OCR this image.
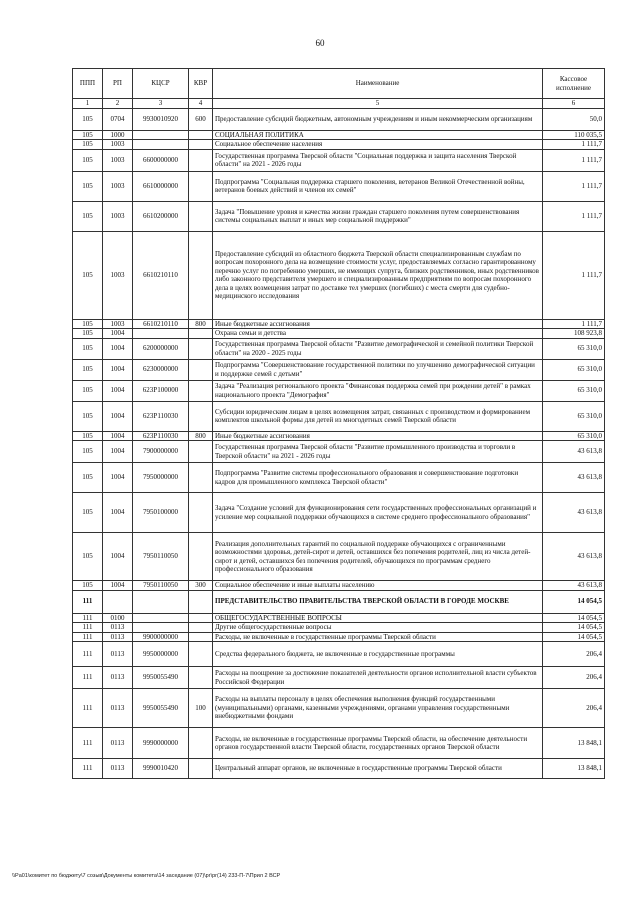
60
ППП	РП	КЦСР	КВР	Наименование	Кассовое исполнение
1	2	3	4	5	6
105	0704	9930010920	600	Предоставление субсидий бюджетным, автономным учреждениям и иным некоммерческим организациям	50,0
105	1000			СОЦИАЛЬНАЯ ПОЛИТИКА	110 035,5
105	1003			Социальное обеспечение населения	1 111,7
105	1003	6600000000		Государственная программа Тверской области "Социальная поддержка и защита населения Тверской области" на 2021 - 2026 годы	1 111,7
105	1003	6610000000		Подпрограмма "Социальная поддержка старшего поколения, ветеранов Великой Отечественной войны, ветеранов боевых действий и членов их семей"	1 111,7
105	1003	6610200000		Задача "Повышение уровня и качества жизни граждан старшего поколения путем совершенствования системы социальных выплат и иных мер социальной поддержки"	1 111,7
105	1003	6610210110		Предоставление субсидий из областного бюджета Тверской области специализированным службам по вопросам похоронного дела на возмещение стоимости услуг, предоставляемых согласно гарантированному перечню услуг по погребению умерших, не имеющих супруга, близких родственников, иных родственников либо законного представителя умершего и специализированным предприятиям по вопросам похоронного дела в целях возмещения затрат по доставке тел умерших (погибших) с места смерти для судебно-медицинского исследования	1 111,7
105	1003	6610210110	800	Иные бюджетные ассигнования	1 111,7
105	1004			Охрана семьи и детства	108 923,8
105	1004	6200000000		Государственная программа Тверской области "Развитие демографической и семейной политики Тверской области" на 2020 - 2025 годы	65 310,0
105	1004	6230000000		Подпрограмма "Совершенствование государственной политики по улучшению демографической ситуации и поддержке семей с детьми"	65 310,0
105	1004	623P100000		Задача "Реализация регионального проекта "Финансовая поддержка семей при рождении детей" в рамках национального проекта "Демография"	65 310,0
105	1004	623P110030		Субсидии юридическим лицам в целях возмещения затрат, связанных с производством и формированием комплектов школьной формы для детей из многодетных семей Тверской области	65 310,0
105	1004	623P110030	800	Иные бюджетные ассигнования	65 310,0
105	1004	7900000000		Государственная программа Тверской области "Развитие промышленного производства и торговли в Тверской области" на 2021 - 2026 годы	43 613,8
105	1004	7950000000		Подпрограмма "Развитие системы профессионального образования и совершенствование подготовки кадров для промышленного комплекса Тверской области"	43 613,8
105	1004	7950100000		Задача "Создание условий для функционирования сети государственных профессиональных организаций и усиление мер социальной поддержки обучающихся в системе среднего профессионального образования"	43 613,8
105	1004	7950110050		Реализация дополнительных гарантий по социальной поддержке обучающихся с ограниченными возможностями здоровья, детей-сирот и детей, оставшихся без попечения родителей, лиц из числа детей-сирот и детей, оставшихся без попечения родителей, обучающихся по программам среднего профессионального образования	43 613,8
105	1004	7950110050	300	Социальное обеспечение и иные выплаты населению	43 613,8
111				ПРЕДСТАВИТЕЛЬСТВО ПРАВИТЕЛЬСТВА ТВЕРСКОЙ ОБЛАСТИ В ГОРОДЕ МОСКВЕ	14 054,5
111	0100			ОБЩЕГОСУДАРСТВЕННЫЕ ВОПРОСЫ	14 054,5
111	0113			Другие общегосударственные вопросы	14 054,5
111	0113	9900000000		Расходы, не включенные в государственные программы Тверской области	14 054,5
111	0113	9950000000		Средства федерального бюджета, не включенные в государственные программы	206,4
111	0113	9950055490		Расходы на поощрение за достижение показателей деятельности органов исполнительной власти субъектов Российской Федерации	206,4
111	0113	9950055490	100	Расходы на выплаты персоналу в целях обеспечения выполнения функций государственными (муниципальными) органами, казенными учреждениями, органами управления государственными внебюджетными фондами	206,4
111	0113	9990000000		Расходы, не включенные в государственные программы Тверской области, на обеспечение деятельности органов государственной власти Тверской области, государственных органов Тверской области	13 848,1
111	0113	9990010420		Центральный аппарат органов, не включенные в государственные программы Тверской области	13 848,1
\\Pa01\комитет по бюджету\7 созыв\Документы комитета\14 заседание (07)\pr\pr(14) 233-П-7\Прил 2 ВСР
